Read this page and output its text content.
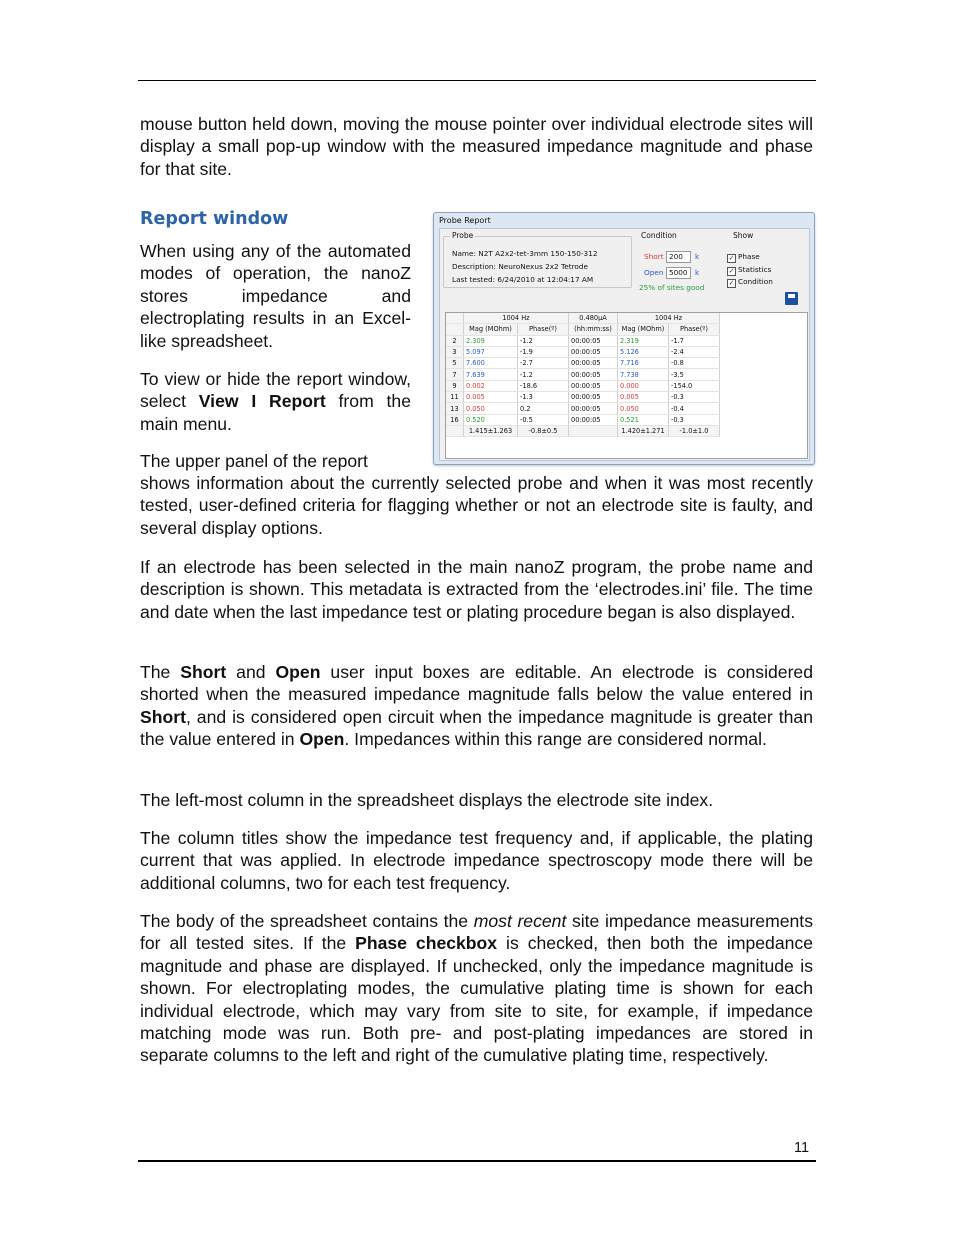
mouse button held down, moving the mouse pointer over individual electrode sites will display a small pop-up window with the measured impedance magnitude and phase for that site.

Report window

When using any of the automated modes of operation, the nanoZ stores impedance and electroplating results in an Excel-like spreadsheet.

To view or hide the report window, select View I Report from the main menu.

The upper panel of the report

shows information about the currently selected probe and when it was most recently tested, user-defined criteria for flagging whether or not an electrode site is faulty, and several display options.

If an electrode has been selected in the main nanoZ program, the probe name and description is shown. This metadata is extracted from the ‘electrodes.ini’ file. The time and date when the last impedance test or plating procedure began is also displayed.

The Short and Open user input boxes are editable. An electrode is considered shorted when the measured impedance magnitude falls below the value entered in Short, and is considered open circuit when the impedance magnitude is greater than the value entered in Open. Impedances within this range are considered normal.

The left-most column in the spreadsheet displays the electrode site index.

The column titles show the impedance test frequency and, if applicable, the plating current that was applied. In electrode impedance spectroscopy mode there will be additional columns, two for each test frequency.

The body of the spreadsheet contains the most recent site impedance measurements for all tested sites. If the Phase checkbox is checked, then both the impedance magnitude and phase are displayed. If unchecked, only the impedance magnitude is shown. For electroplating modes, the cumulative plating time is shown for each individual electrode, which may vary from site to site, for example, if impedance matching mode was run. Both pre- and post-plating impedances are stored in separate columns to the left and right of the cumulative plating time, respectively.

11
Probe Report
Probe
Name: N2T A2x2-tet-3mm 150-150-312
Description: NeuroNexus 2x2 Tetrode
Last tested: 6/24/2010 at 12:04:17 AM
Condition
Short 200	k
Open 5000	k
25% of sites good
Show
✓ Phase
✓ Statistics
✓ Condition
	1004 Hz		0.480μA	1004 Hz	
	Mag (MOhm)	Phase(º)	(hh:mm:ss)	Mag (MOhm)	Phase(º)
2	2.309	-1.2	00:00:05	2.319	-1.7
3	5.097	-1.9	00:00:05	5.126	-2.4
5	7.600	-2.7	00:00:05	7.716	-0.8
7	7.639	-1.2	00:00:05	7.738	-3.5
9	0.002	-18.6	00:00:05	0.000	-154.0
11	0.005	-1.3	00:00:05	0.005	-0.3
13	0.050	0.2	00:00:05	0.050	-0.4
16	0.520	-0.5	00:00:05	0.521	-0.3
	1.415±1.263	-0.8±0.5		1.420±1.271	-1.0±1.0
